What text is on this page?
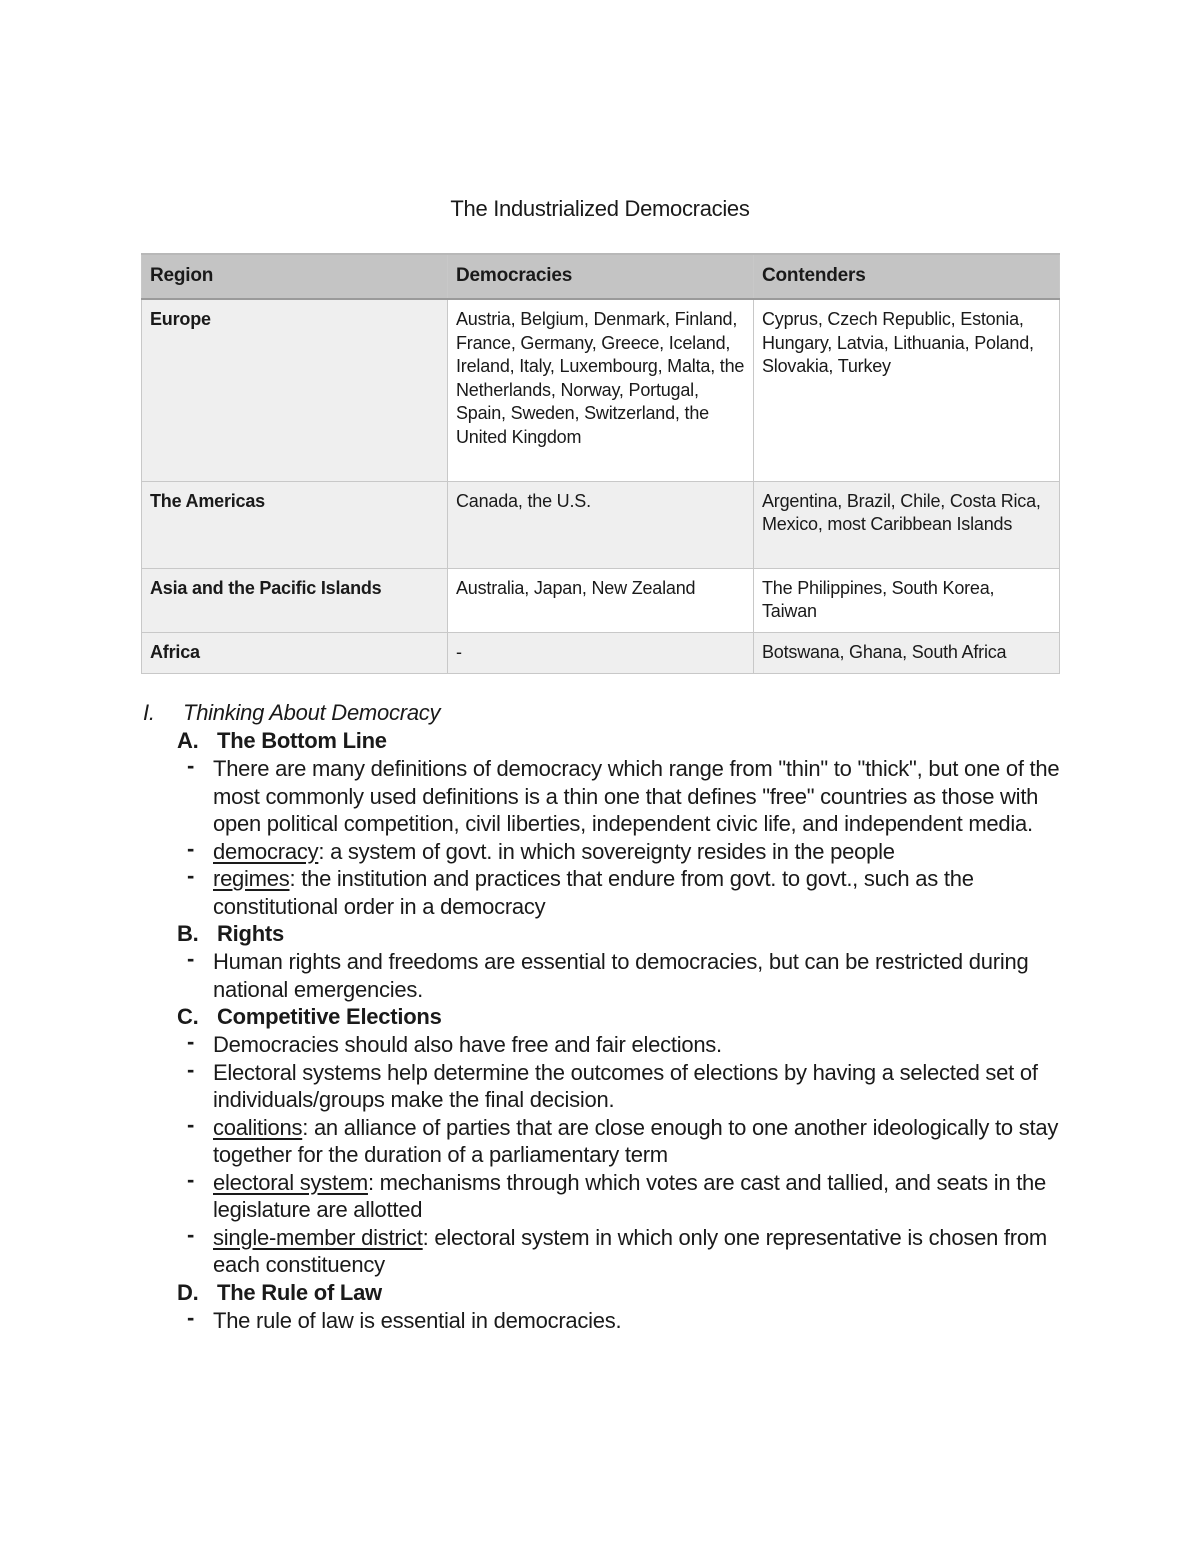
The Industrialized Democracies
Region	Democracies	Contenders
Europe	Austria, Belgium, Denmark, Finland, France, Germany, Greece, Iceland, Ireland, Italy, Luxembourg, Malta, the Netherlands, Norway, Portugal, Spain, Sweden, Switzerland, the United Kingdom	Cyprus, Czech Republic, Estonia, Hungary, Latvia, Lithuania, Poland, Slovakia, Turkey
The Americas	Canada, the U.S.	Argentina, Brazil, Chile, Costa Rica, Mexico, most Caribbean Islands
Asia and the Pacific Islands	Australia, Japan, New Zealand	The Philippines, South Korea, Taiwan
Africa	-	Botswana, Ghana, South Africa
I. Thinking About Democracy
A. The Bottom Line
- There are many definitions of democracy which range from "thin" to "thick", but one of the most commonly used definitions is a thin one that defines "free" countries as those with open political competition, civil liberties, independent civic life, and independent media.
- democracy: a system of govt. in which sovereignty resides in the people
- regimes: the institution and practices that endure from govt. to govt., such as the constitutional order in a democracy
B. Rights
- Human rights and freedoms are essential to democracies, but can be restricted during national emergencies.
C. Competitive Elections
- Democracies should also have free and fair elections.
- Electoral systems help determine the outcomes of elections by having a selected set of individuals/groups make the final decision.
- coalitions: an alliance of parties that are close enough to one another ideologically to stay together for the duration of a parliamentary term
- electoral system: mechanisms through which votes are cast and tallied, and seats in the legislature are allotted
- single-member district: electoral system in which only one representative is chosen from each constituency
D. The Rule of Law
- The rule of law is essential in democracies.
